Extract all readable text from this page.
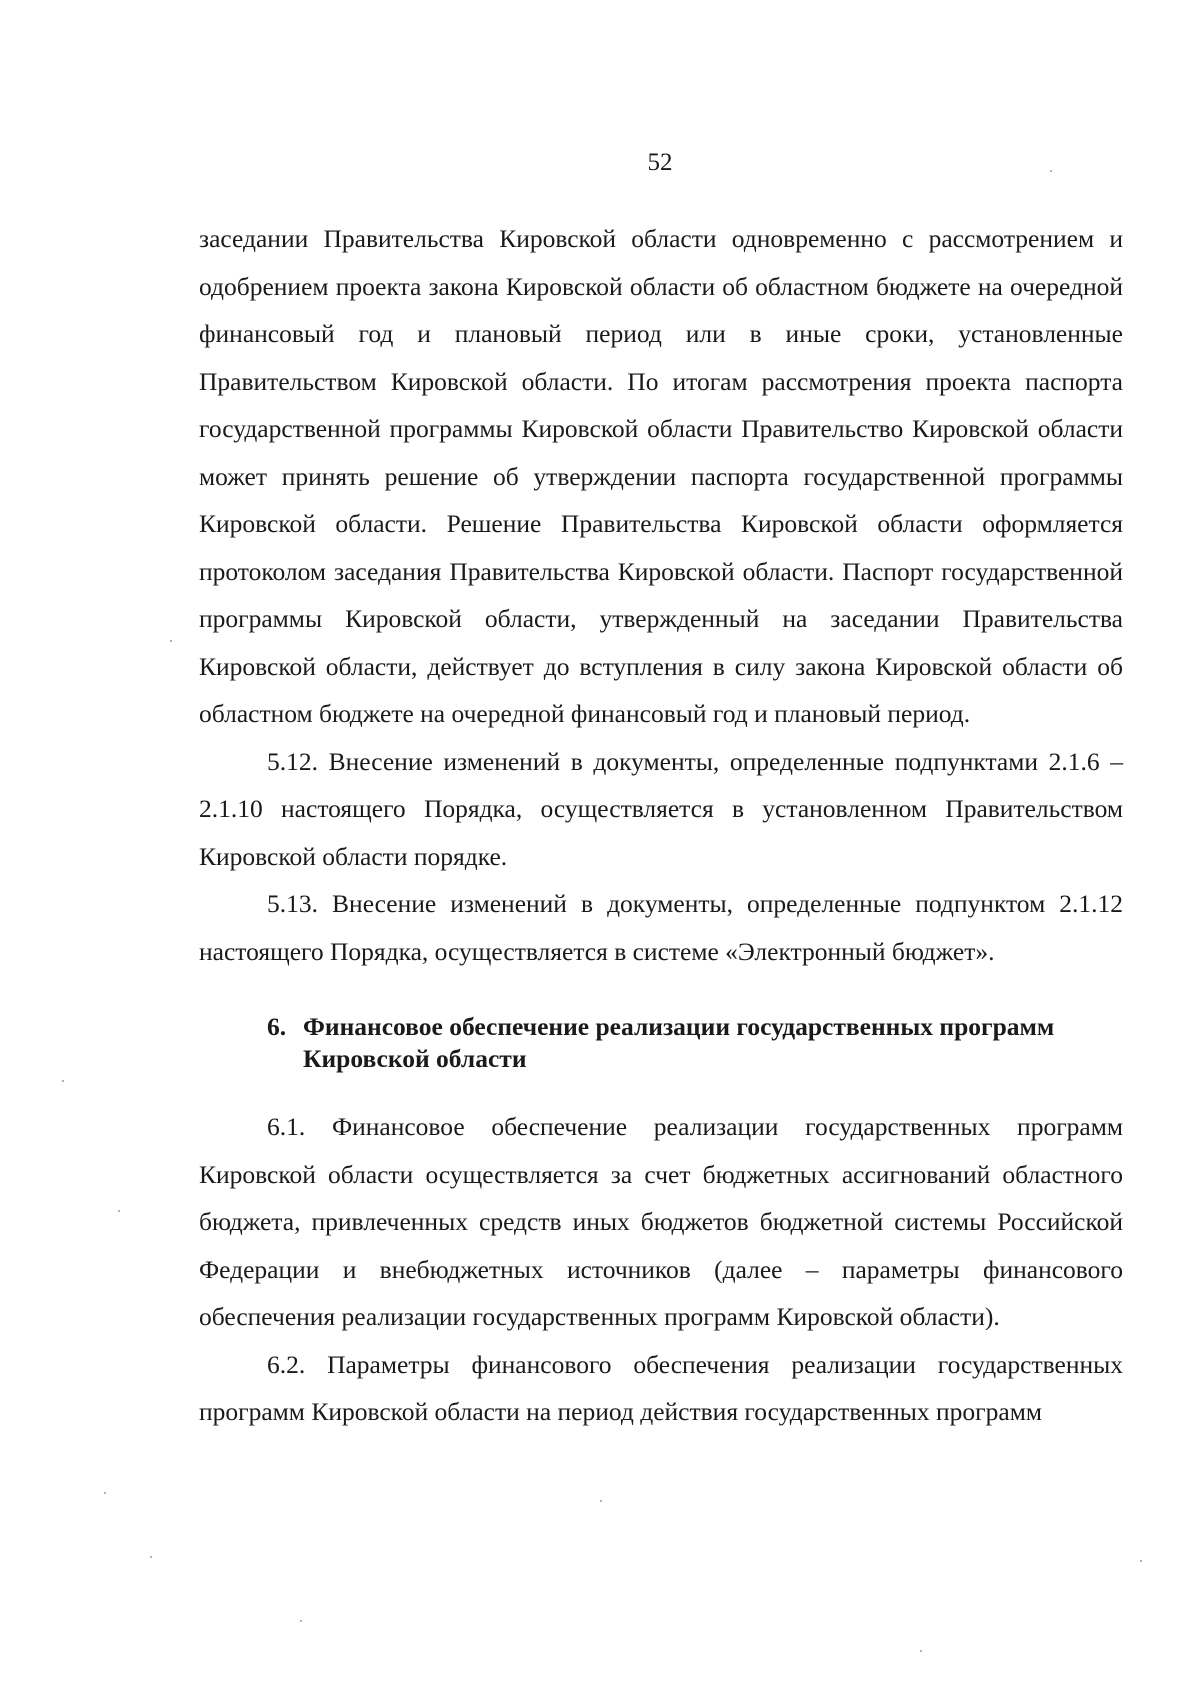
52

заседании Правительства Кировской области одновременно с рассмотрением и одобрением проекта закона Кировской области об областном бюджете на очередной финансовый год и плановый период или в иные сроки, установленные Правительством Кировской области. По итогам рассмотрения проекта паспорта государственной программы Кировской области Правительство Кировской области может принять решение об утверждении паспорта государственной программы Кировской области. Решение Правительства Кировской области оформляется протоколом заседания Правительства Кировской области. Паспорт государственной программы Кировской области, утвержденный на заседании Правительства Кировской области, действует до вступления в силу закона Кировской области об областном бюджете на очередной финансовый год и плановый период.

5.12. Внесение изменений в документы, определенные подпунктами 2.1.6 – 2.1.10 настоящего Порядка, осуществляется в установленном Правительством Кировской области порядке.

5.13. Внесение изменений в документы, определенные подпунктом 2.1.12 настоящего Порядка, осуществляется в системе «Электронный бюджет».

6. Финансовое обеспечение реализации государственных программ
Кировской области

6.1. Финансовое обеспечение реализации государственных программ Кировской области осуществляется за счет бюджетных ассигнований областного бюджета, привлеченных средств иных бюджетов бюджетной системы Российской Федерации и внебюджетных источников (далее – параметры финансового обеспечения реализации государственных программ Кировской области).

6.2. Параметры финансового обеспечения реализации государственных программ Кировской области на период действия государственных программ
